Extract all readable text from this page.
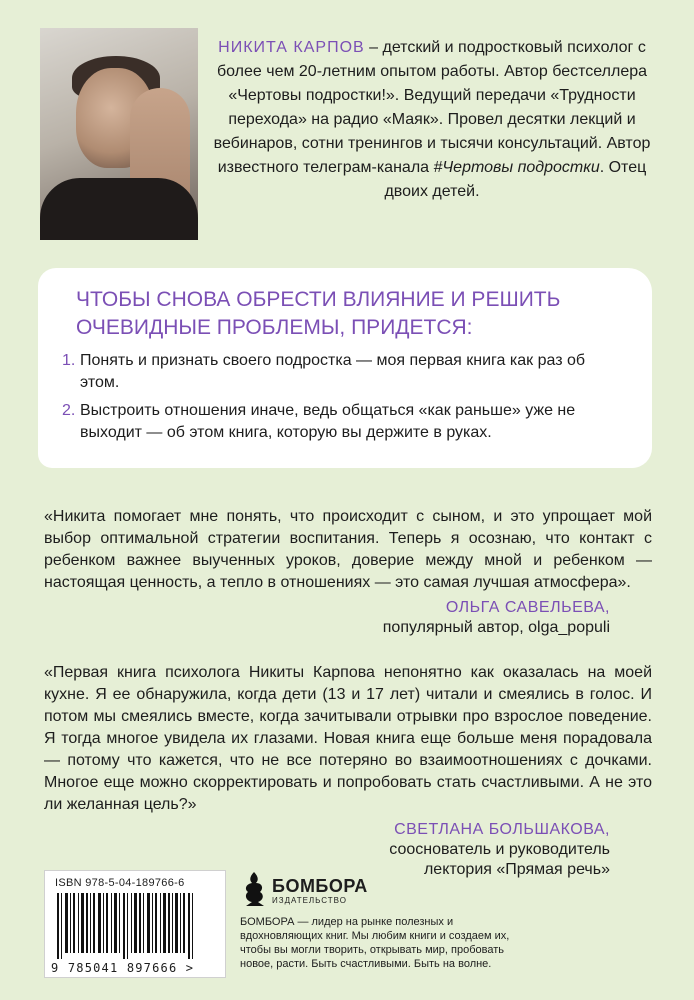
НИКИТА КАРПОВ – детский и подростковый психолог с более чем 20-летним опытом работы. Автор бестселлера «Чертовы подростки!». Ведущий передачи «Трудности перехода» на радио «Маяк». Провел десятки лекций и вебинаров, сотни тренингов и тысячи консультаций. Автор известного телеграм-канала #Чертовы подростки. Отец двоих детей.
ЧТОБЫ СНОВА ОБРЕСТИ ВЛИЯНИЕ И РЕШИТЬ ОЧЕВИДНЫЕ ПРОБЛЕМЫ, ПРИДЕТСЯ:
1. Понять и признать своего подростка — моя первая книга как раз об этом.
2. Выстроить отношения иначе, ведь общаться «как раньше» уже не выходит — об этом книга, которую вы держите в руках.
«Никита помогает мне понять, что происходит с сыном, и это упрощает мой выбор оптимальной стратегии воспитания. Теперь я осознаю, что контакт с ребенком важнее выученных уроков, доверие между мной и ребенком — настоящая ценность, а тепло в отношениях — это самая лучшая атмосфера».
ОЛЬГА САВЕЛЬЕВА,
популярный автор, olga_populi
«Первая книга психолога Никиты Карпова непонятно как оказалась на моей кухне. Я ее обнаружила, когда дети (13 и 17 лет) читали и смеялись в голос. И потом мы смеялись вместе, когда зачитывали отрывки про взрослое поведение. Я тогда многое увидела их глазами. Новая книга еще больше меня порадовала — потому что кажется, что не все потеряно во взаимоотношениях с дочками. Многое еще можно скорректировать и попробовать стать счастливыми. А не это ли желанная цель?»
СВЕТЛАНА БОЛЬШАКОВА,
сооснователь и руководитель
лектория «Прямая речь»
ISBN 978-5-04-189766-6
9 785041 897666 >
БОМБОРА
ИЗДАТЕЛЬСТВО
БОМБОРА — лидер на рынке полезных и вдохновляющих книг. Мы любим книги и создаем их, чтобы вы могли творить, открывать мир, пробовать новое, расти. Быть счастливыми. Быть на волне.
